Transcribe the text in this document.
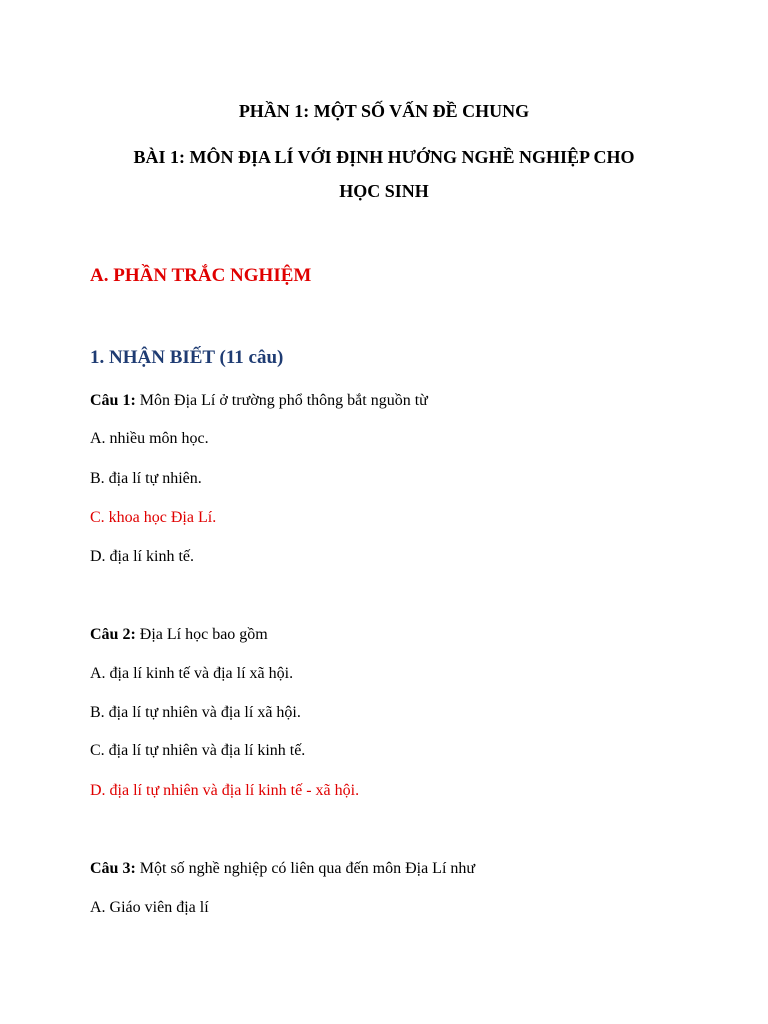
PHẦN 1: MỘT SỐ VẤN ĐỀ CHUNG
BÀI 1: MÔN ĐỊA LÍ VỚI ĐỊNH HƯỚNG NGHỀ NGHIỆP CHO
HỌC SINH
A. PHẦN TRẮC NGHIỆM
1. NHẬN BIẾT (11 câu)
Câu 1: Môn Địa Lí ở trường phổ thông bắt nguồn từ
A. nhiều môn học.
B. địa lí tự nhiên.
C. khoa học Địa Lí.
D. địa lí kinh tế.
Câu 2: Địa Lí học bao gồm
A. địa lí kinh tế và địa lí xã hội.
B. địa lí tự nhiên và địa lí xã hội.
C. địa lí tự nhiên và địa lí kinh tế.
D. địa lí tự nhiên và địa lí kinh tế - xã hội.
Câu 3: Một số nghề nghiệp có liên qua đến môn Địa Lí như
A. Giáo viên địa lí
